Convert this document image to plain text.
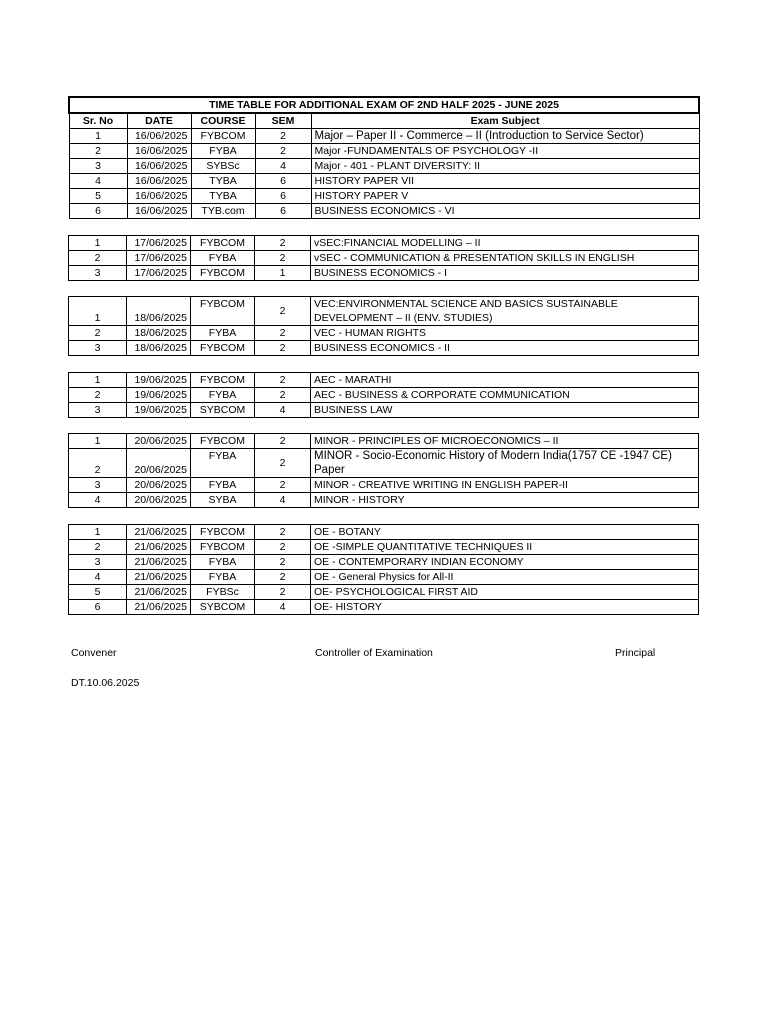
TIME TABLE FOR ADDITIONAL EXAM OF 2ND HALF 2025 - JUNE 2025				
Sr. No	DATE	COURSE	SEM	Exam Subject
1	16/06/2025	FYBCOM	2	Major – Paper II - Commerce – II (Introduction to Service Sector)
2	16/06/2025	FYBA	2	Major -FUNDAMENTALS OF PSYCHOLOGY -II
3	16/06/2025	SYBSc	4	Major - 401 - PLANT DIVERSITY: II
4	16/06/2025	TYBA	6	HISTORY PAPER VII
5	16/06/2025	TYBA	6	HISTORY PAPER V
6	16/06/2025	TYB.com	6	BUSINESS ECONOMICS - VI
1	17/06/2025	FYBCOM	2	vSEC:FINANCIAL MODELLING – II
2	17/06/2025	FYBA	2	vSEC - COMMUNICATION & PRESENTATION SKILLS IN ENGLISH
3	17/06/2025	FYBCOM	1	BUSINESS ECONOMICS - I
1	18/06/2025	FYBCOM	2	VEC:ENVIRONMENTAL SCIENCE AND BASICS SUSTAINABLE DEVELOPMENT – II (ENV. STUDIES)
2	18/06/2025	FYBA	2	VEC - HUMAN RIGHTS
3	18/06/2025	FYBCOM	2	BUSINESS ECONOMICS - II
1	19/06/2025	FYBCOM	2	AEC - MARATHI
2	19/06/2025	FYBA	2	AEC - BUSINESS & CORPORATE COMMUNICATION
3	19/06/2025	SYBCOM	4	BUSINESS LAW
1	20/06/2025	FYBCOM	2	MINOR - PRINCIPLES OF MICROECONOMICS – II
2	20/06/2025	FYBA	2	MINOR - Socio-Economic History of Modern India(1757 CE -1947 CE) Paper
3	20/06/2025	FYBA	2	MINOR - CREATIVE WRITING IN ENGLISH PAPER-II
4	20/06/2025	SYBA	4	MINOR - HISTORY
1	21/06/2025	FYBCOM	2	OE - BOTANY
2	21/06/2025	FYBCOM	2	OE -SIMPLE QUANTITATIVE TECHNIQUES II
3	21/06/2025	FYBA	2	OE - CONTEMPORARY INDIAN ECONOMY
4	21/06/2025	FYBA	2	OE - General Physics for All-II
5	21/06/2025	FYBSc	2	OE- PSYCHOLOGICAL FIRST AID
6	21/06/2025	SYBCOM	4	OE- HISTORY
Convener	Controller of Examination	Principal
DT.10.06.2025
